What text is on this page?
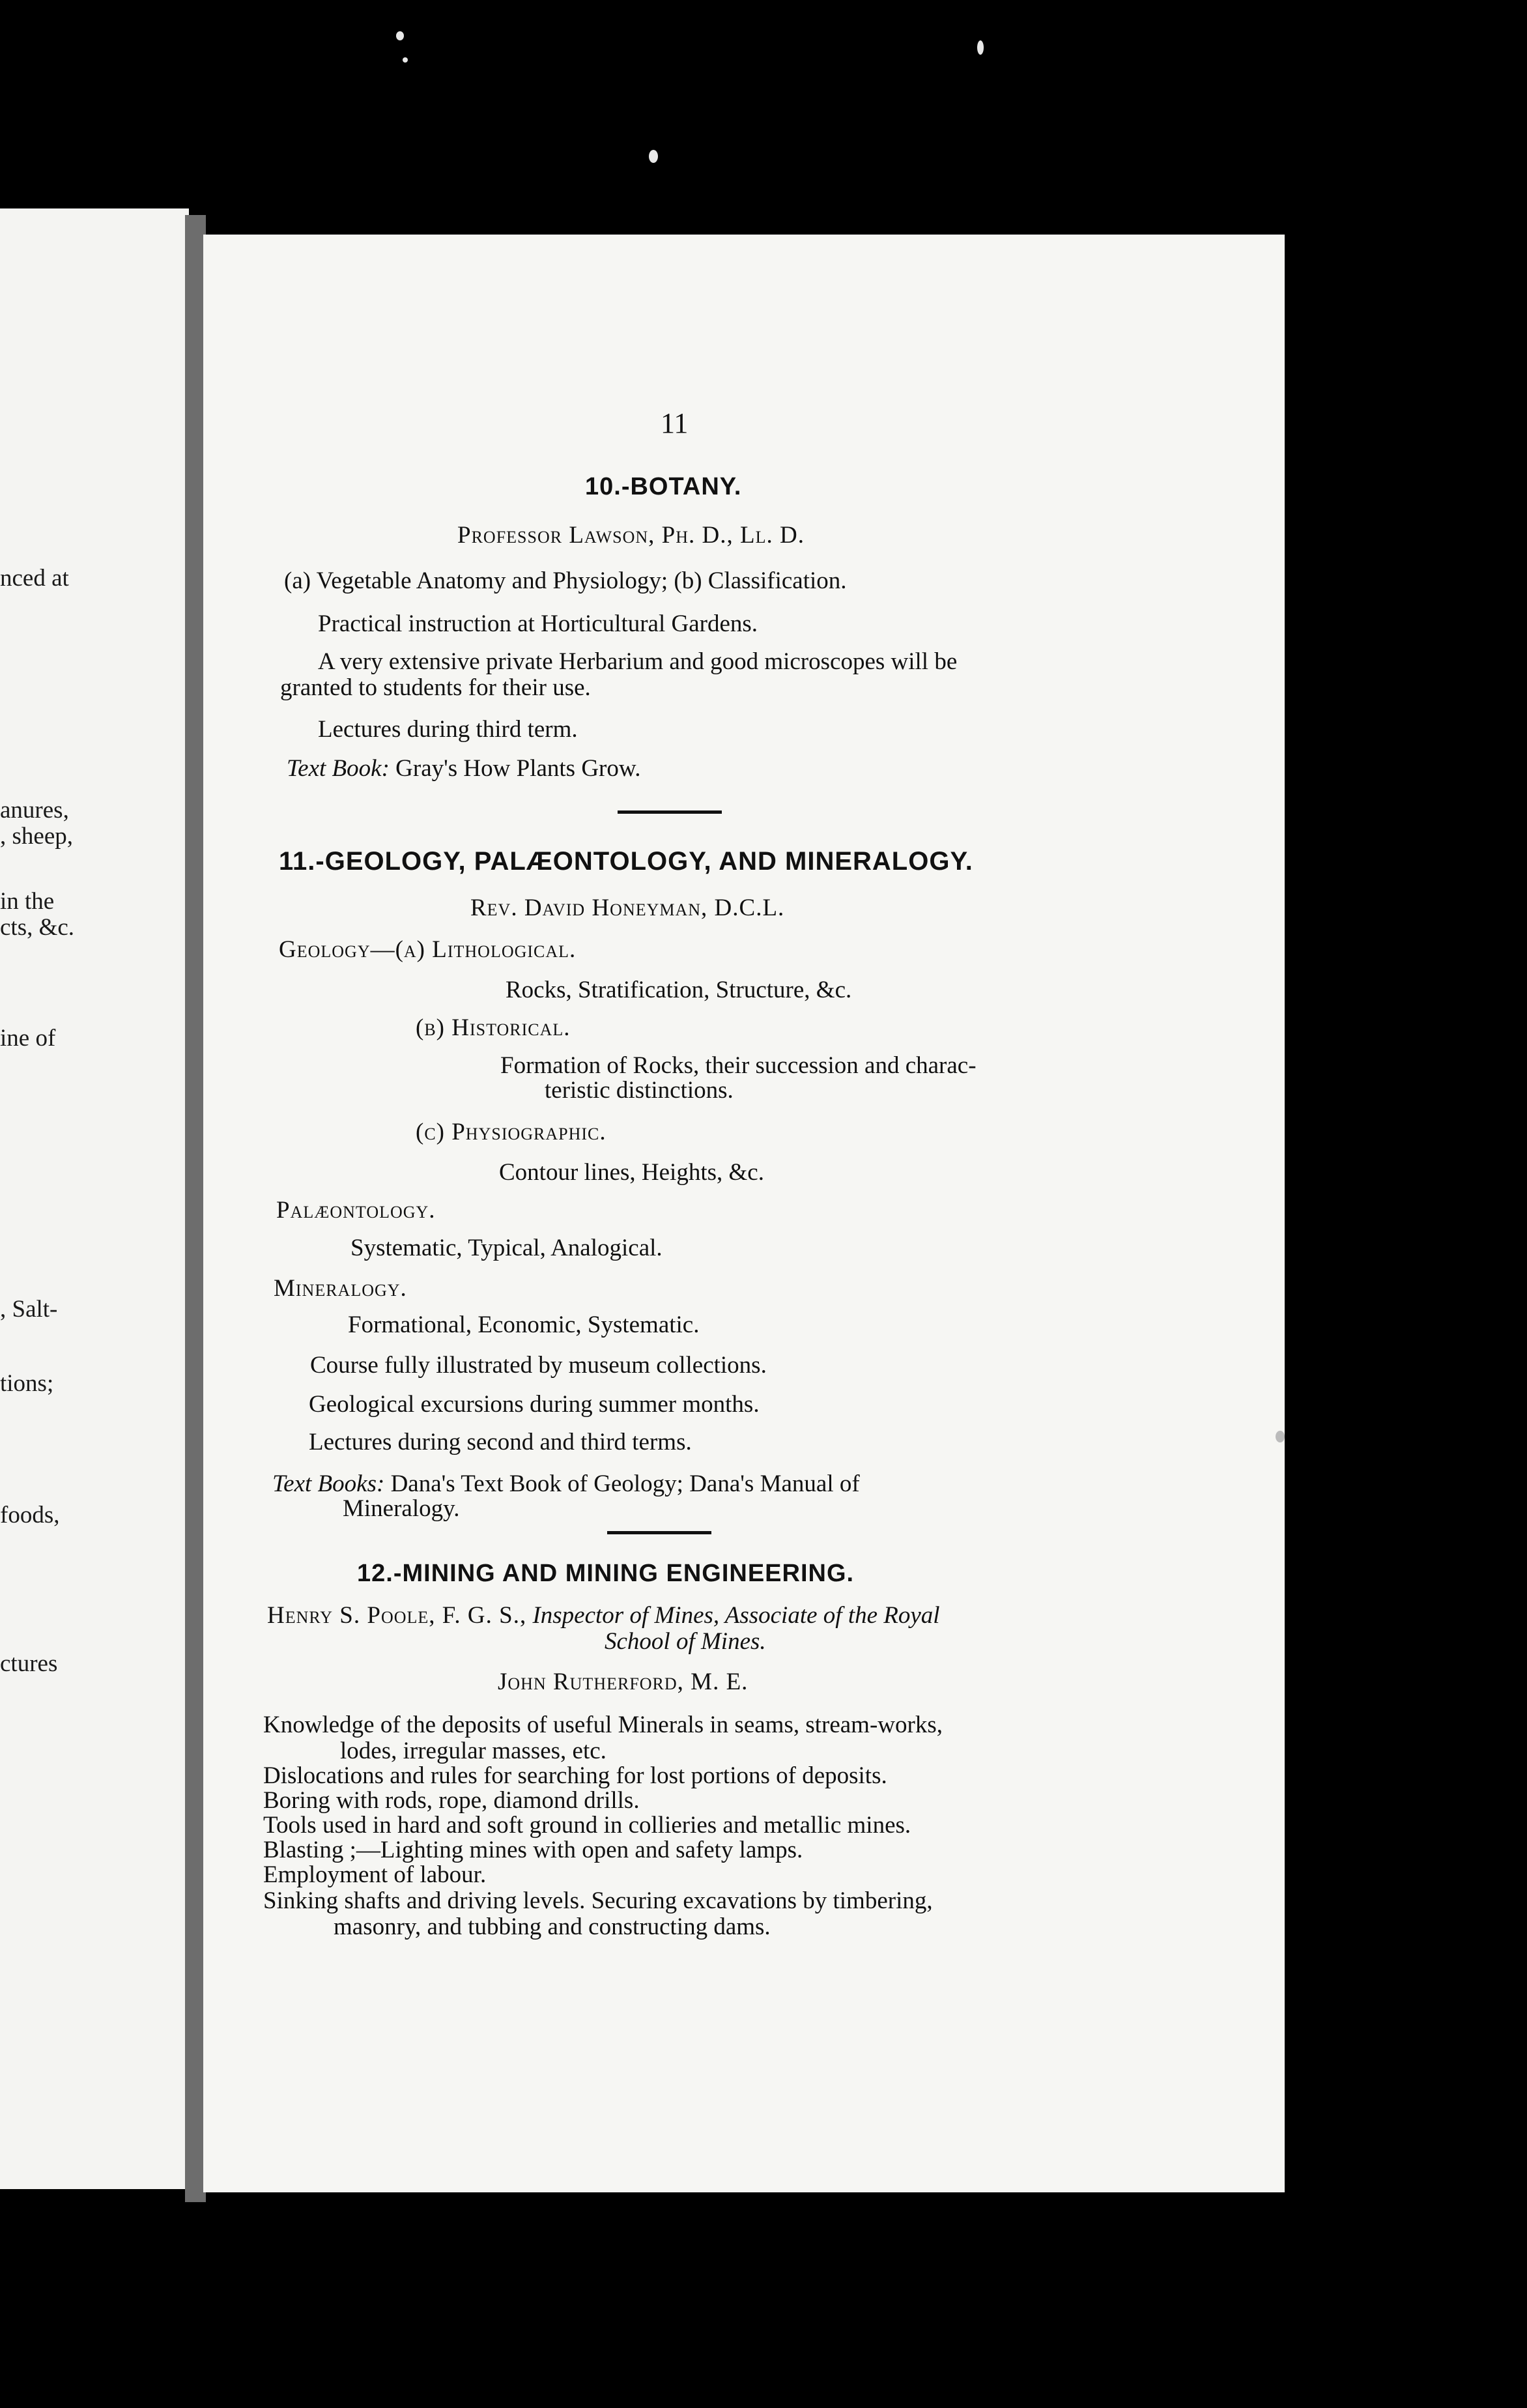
nced at
anures,
, sheep,
in the
cts, &c.
ine of
, Salt-
tions;
foods,
ctures
11
10.-BOTANY.
Professor Lawson, Ph. D., Ll. D.
(a) Vegetable Anatomy and Physiology; (b) Classification.
Practical instruction at Horticultural Gardens.
A very extensive private Herbarium and good microscopes will be
granted to students for their use.
Lectures during third term.
Text Book: Gray's How Plants Grow.
11.-GEOLOGY, PALÆONTOLOGY, AND MINERALOGY.
Rev. David Honeyman, D.C.L.
Geology—(a) Lithological.
Rocks, Stratification, Structure, &c.
(b) Historical.
Formation of Rocks, their succession and charac-
teristic distinctions.
(c) Physiographic.
Contour lines, Heights, &c.
Palæontology.
Systematic, Typical, Analogical.
Mineralogy.
Formational, Economic, Systematic.
Course fully illustrated by museum collections.
Geological excursions during summer months.
Lectures during second and third terms.
Text Books: Dana's Text Book of Geology; Dana's Manual of
Mineralogy.
12.-MINING AND MINING ENGINEERING.
Henry S. Poole, F. G. S., Inspector of Mines, Associate of the Royal
School of Mines.
John Rutherford, M. E.
Knowledge of the deposits of useful Minerals in seams, stream-works,
lodes, irregular masses, etc.
Dislocations and rules for searching for lost portions of deposits.
Boring with rods, rope, diamond drills.
Tools used in hard and soft ground in collieries and metallic mines.
Blasting ;—Lighting mines with open and safety lamps.
Employment of labour.
Sinking shafts and driving levels. Securing excavations by timbering,
masonry, and tubbing and constructing dams.
